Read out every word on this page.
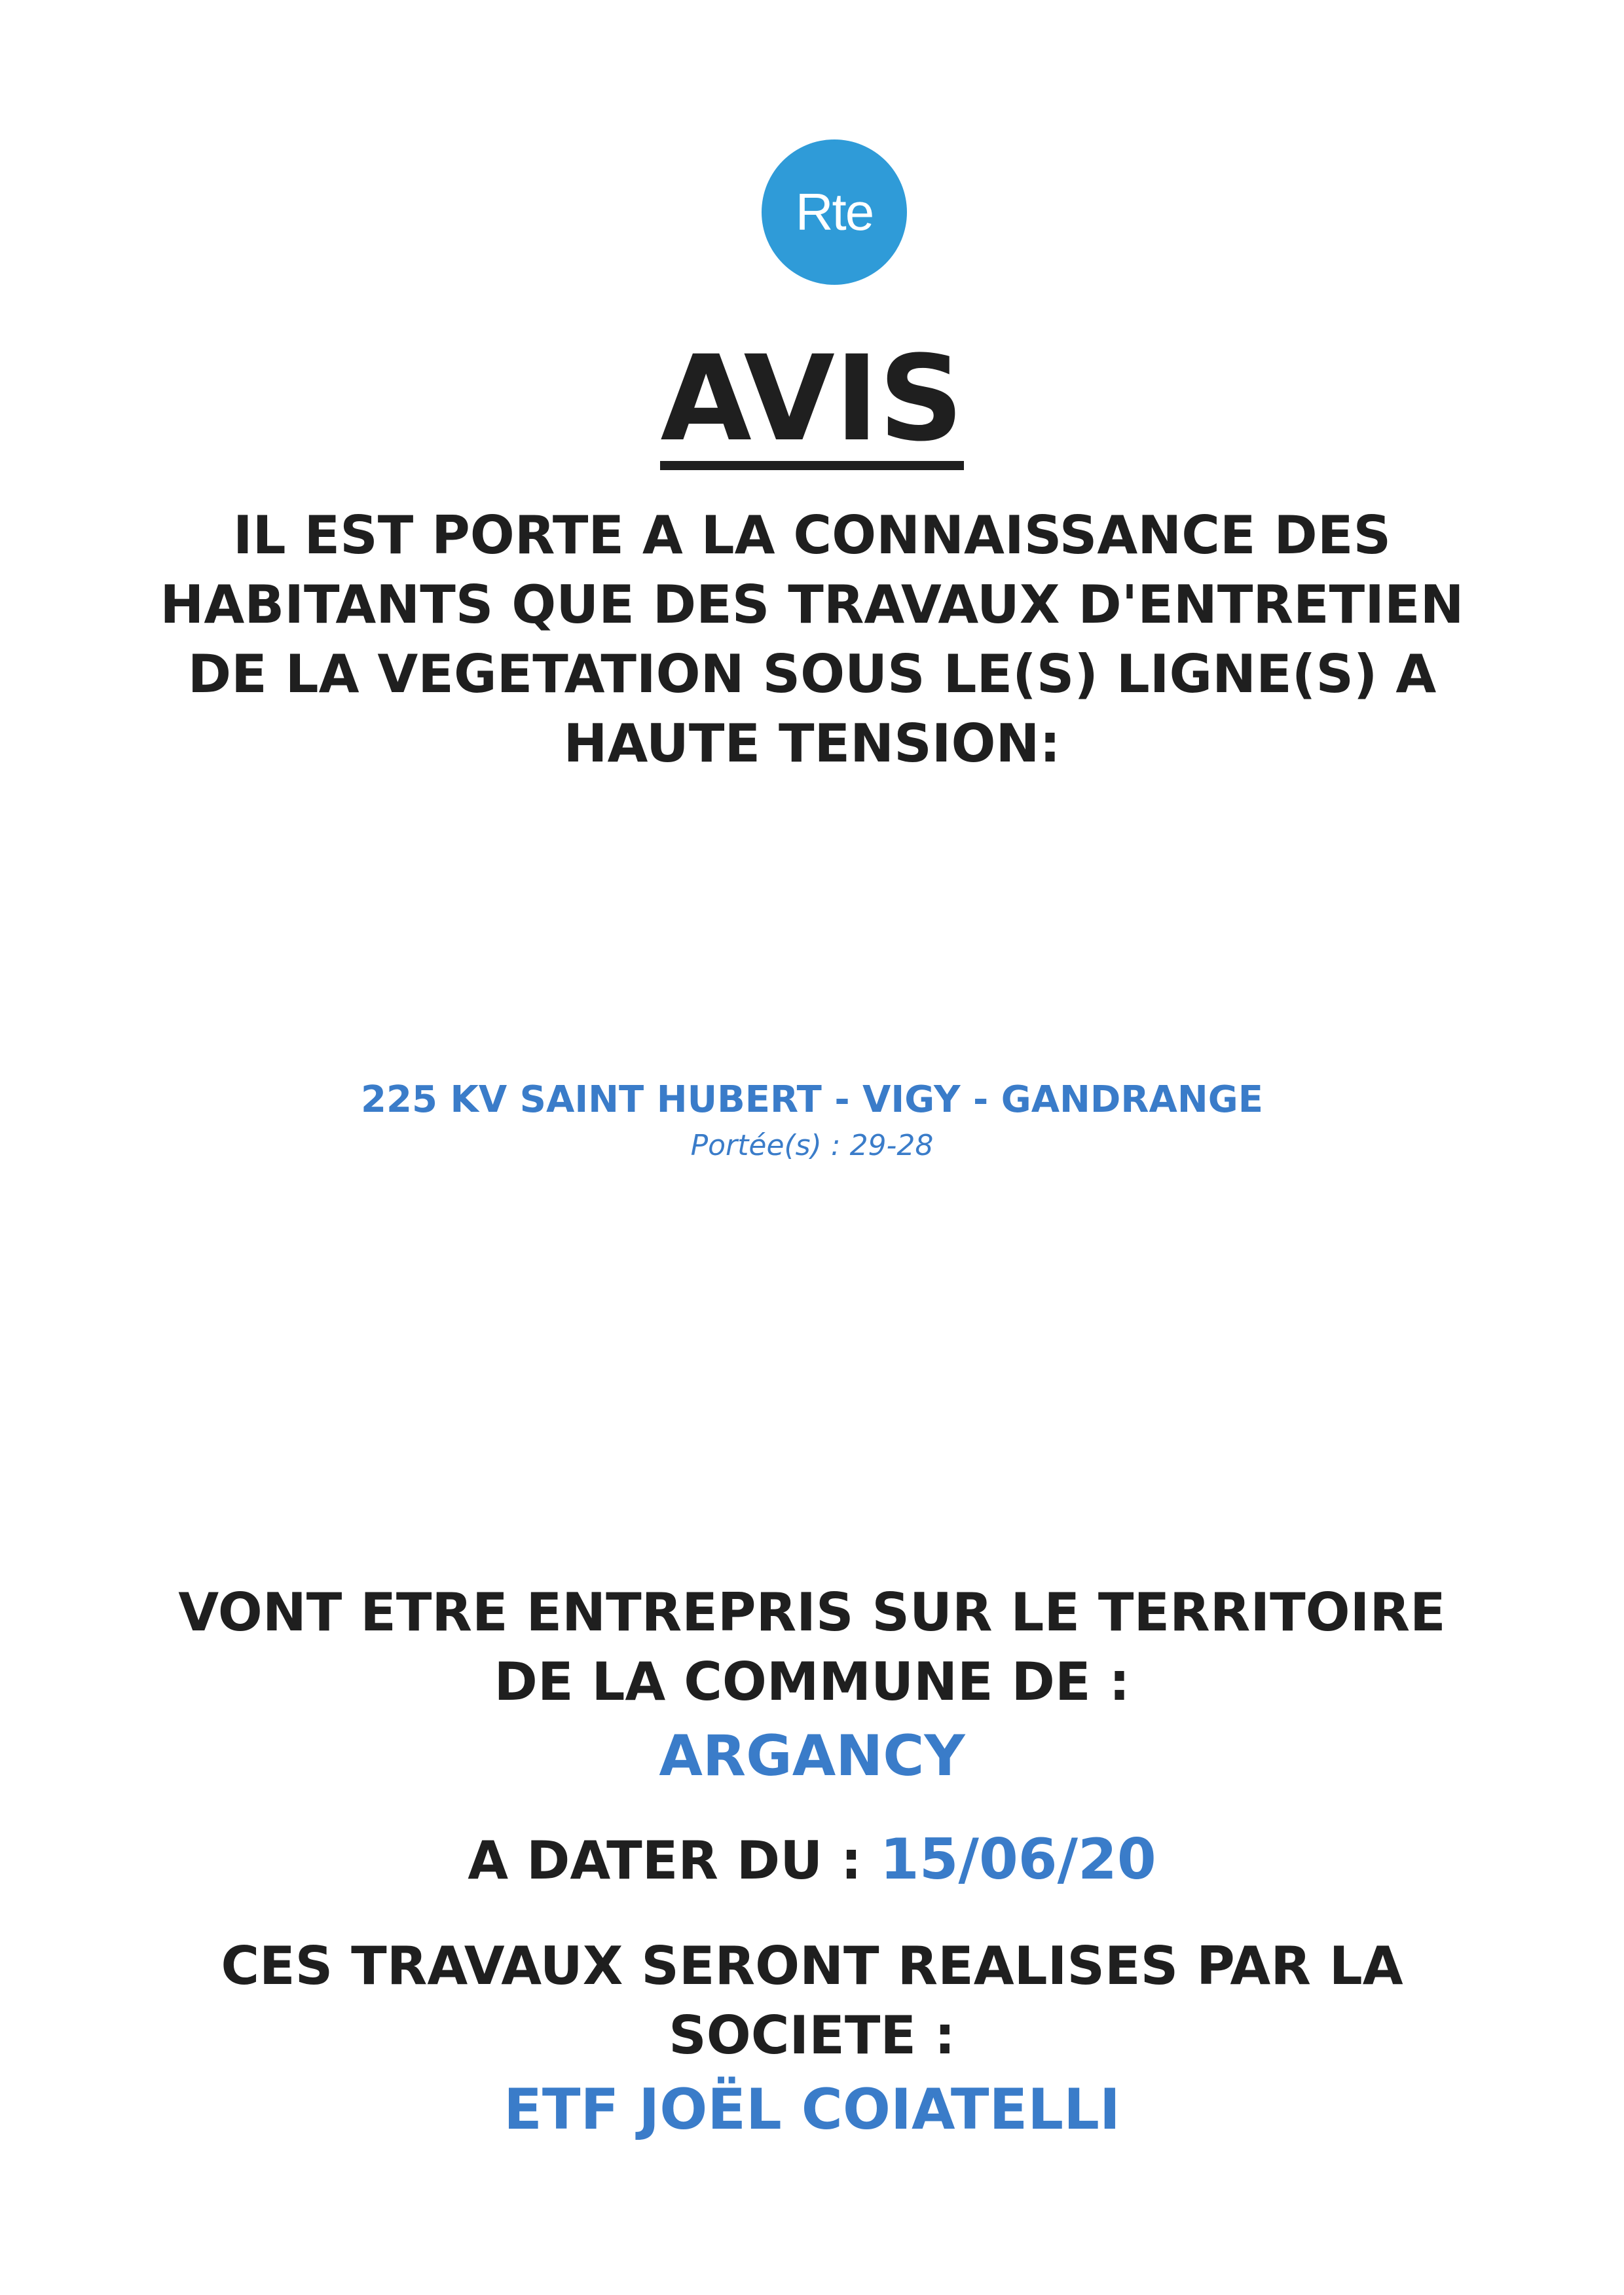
Rte
AVIS
IL EST PORTE A LA CONNAISSANCE DES
HABITANTS QUE DES TRAVAUX D'ENTRETIEN
DE LA VEGETATION SOUS LE(S) LIGNE(S) A
HAUTE TENSION:
225 KV SAINT HUBERT - VIGY - GANDRANGE
Portée(s) : 29-28
VONT ETRE ENTREPRIS SUR LE TERRITOIRE
DE LA COMMUNE DE :
ARGANCY
A DATER DU : 15/06/20
CES TRAVAUX SERONT REALISES PAR LA
SOCIETE :
ETF JOËL COIATELLI
